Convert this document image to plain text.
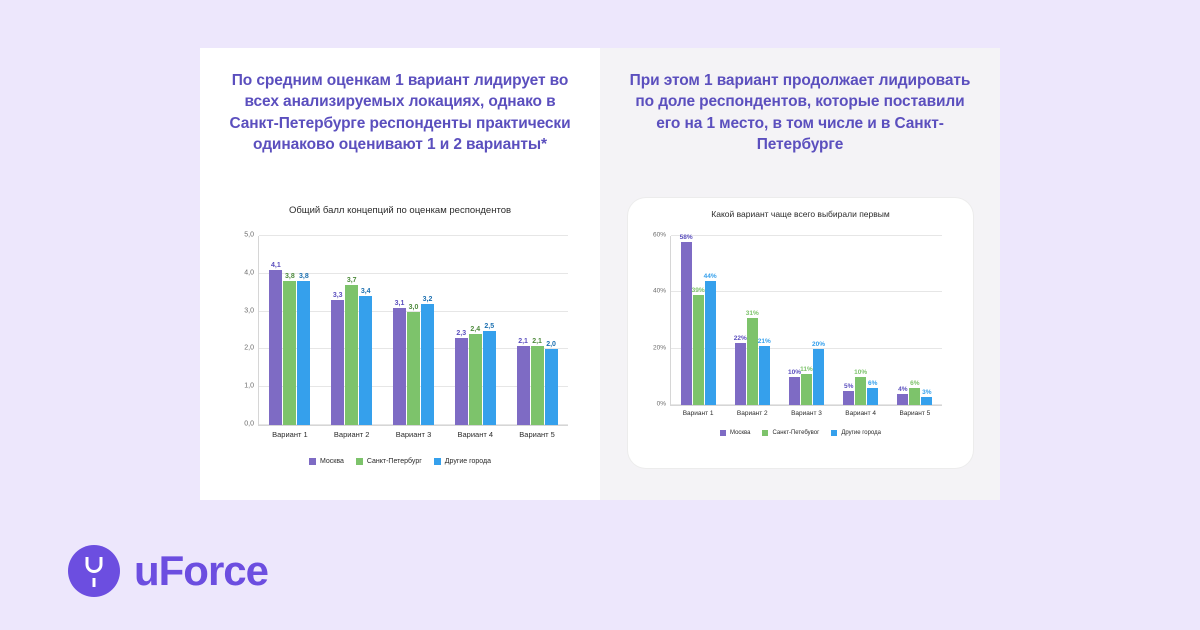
По средним оценкам 1 вариант лидирует во всех анализируемых локациях, однако в Санкт-Петербурге респонденты практически одинаково оценивают 1 и 2 варианты*
Общий балл концепций по оценкам респондентов
0,0
1,0
2,0
3,0
4,0
5,0
4,1
3,8 3,8
3,3
3,7
3,4
3,1
3,0
3,2
2,3
2,4
2,5
2,1 2,1
2,0
Вариант 1	Вариант 2	Вариант 3	Вариант 4	Вариант 5
Москва	Санкт-Петербург	Другие города
При этом 1 вариант продолжает лидировать по доле респондентов, которые поставили его на 1 место, в том числе и в Санкт-Петербурге
Какой вариант чаще всего выбирали первым
0%
20%
40%
60%	58%
39%
44%
22%
31%
21%
10% 11%
20%
5%
10%
6%
4%
6%
3%
Вариант 1	Вариант 2	Вариант 3	Вариант 4	Вариант 5
Москва	Санкт-Петебувог	Другие города
uForce
